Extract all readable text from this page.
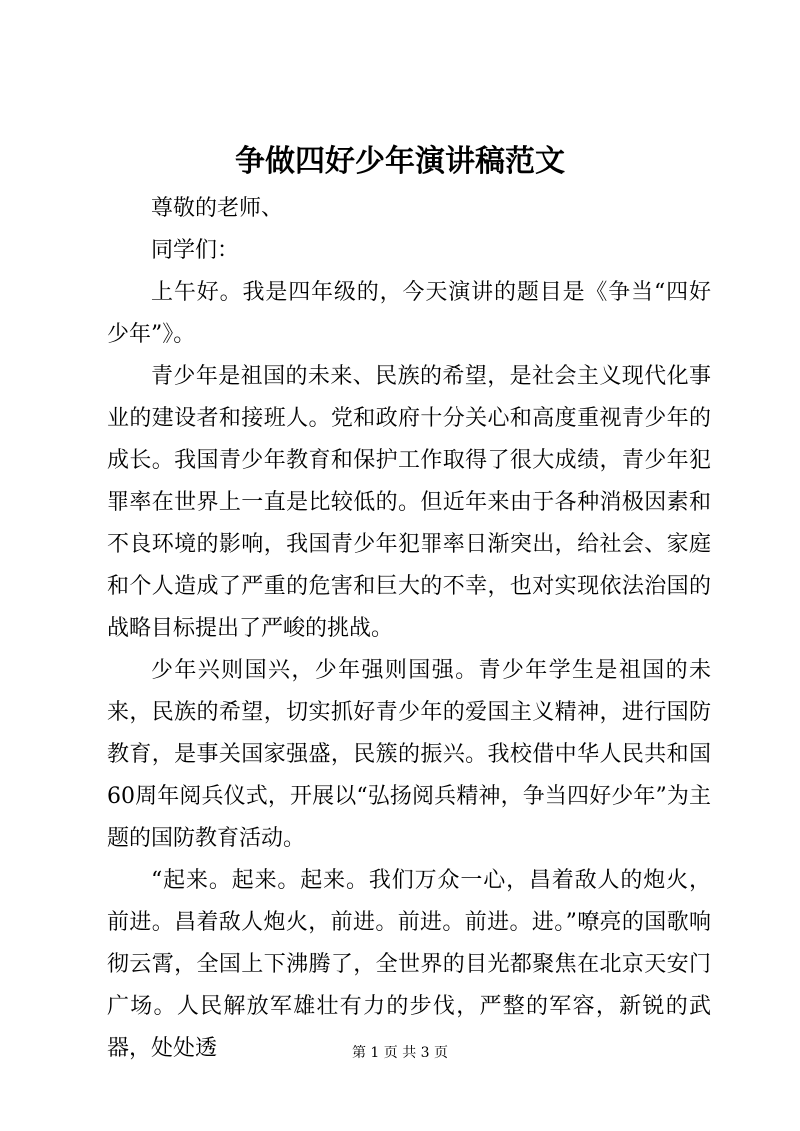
争做四好少年演讲稿范文

尊敬的老师、

同学们：

上午好。我是四年级的，今天演讲的题目是《争当“四好少年”》。

青少年是祖国的未来、民族的希望，是社会主义现代化事业的建设者和接班人。党和政府十分关心和高度重视青少年的成长。我国青少年教育和保护工作取得了很大成绩，青少年犯罪率在世界上一直是比较低的。但近年来由于各种消极因素和不良环境的影响，我国青少年犯罪率日渐突出，给社会、家庭和个人造成了严重的危害和巨大的不幸，也对实现依法治国的战略目标提出了严峻的挑战。

少年兴则国兴，少年强则国强。青少年学生是祖国的未来，民族的希望，切实抓好青少年的爱国主义精神，进行国防教育，是事关国家强盛，民簇的振兴。我校借中华人民共和国60周年阅兵仪式，开展以“弘扬阅兵精神，争当四好少年”为主题的国防教育活动。

“起来。起来。起来。我们万众一心，昌着敌人的炮火，前进。昌着敌人炮火，前进。前进。前进。进。”嘹亮的国歌响彻云霄，全国上下沸腾了，全世界的目光都聚焦在北京天安门广场。人民解放军雄壮有力的步伐，严整的军容，新锐的武器，处处透	第 1 页 共 3 页
